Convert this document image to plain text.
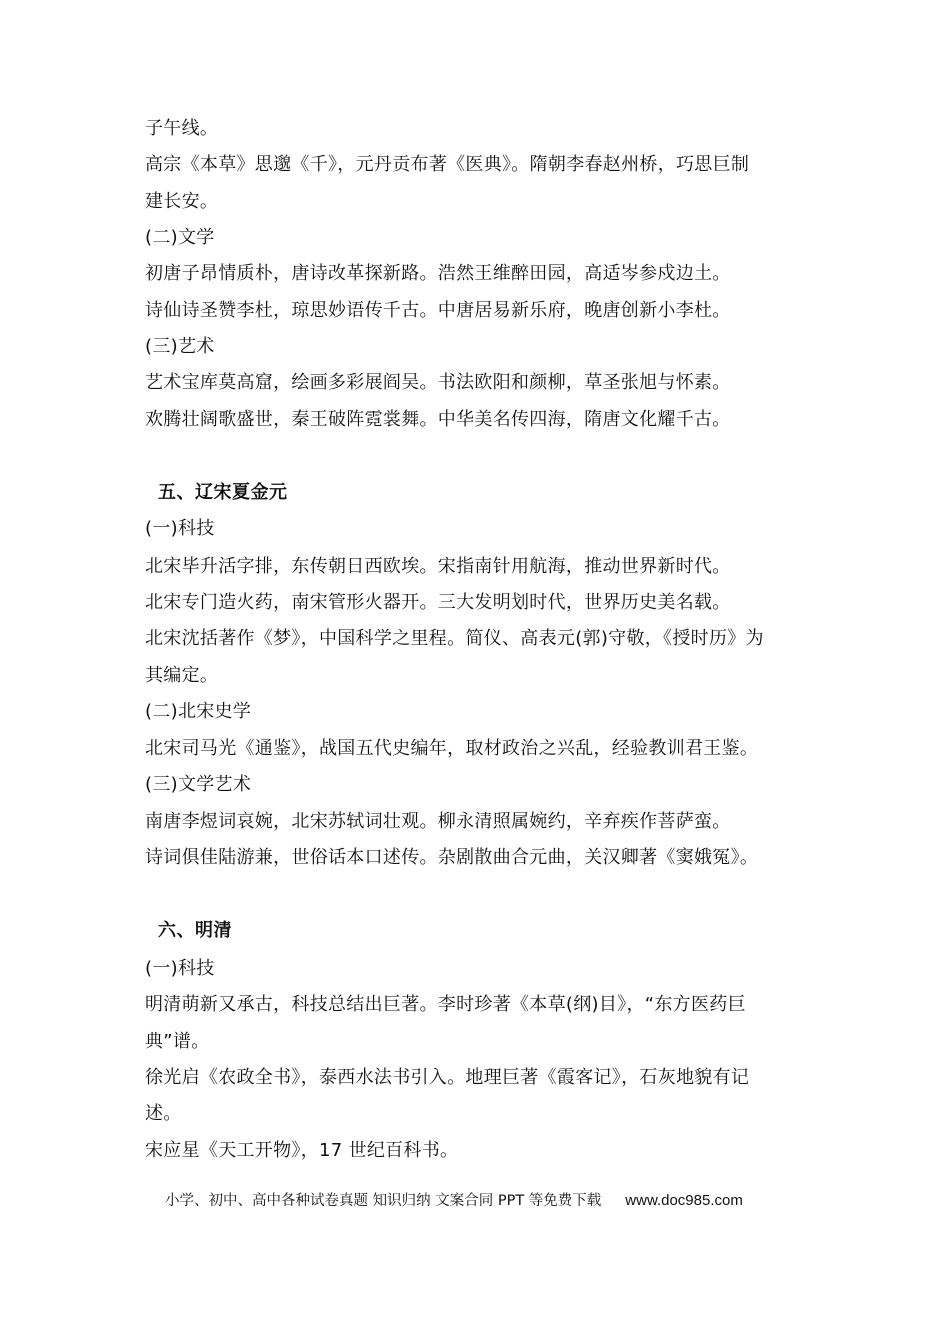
子午线。
高宗《本草》思邈《千》，元丹贡布著《医典》。隋朝李春赵州桥，巧思巨制
建长安。
(二)文学
初唐子昂情质朴，唐诗改革探新路。浩然王维醉田园，高适岑参戍边土。
诗仙诗圣赞李杜，琼思妙语传千古。中唐居易新乐府，晚唐创新小李杜。
(三)艺术
艺术宝库莫高窟，绘画多彩展阎吴。书法欧阳和颜柳，草圣张旭与怀素。
欢腾壮阔歌盛世，秦王破阵霓裳舞。中华美名传四海，隋唐文化耀千古。
五、辽宋夏金元
(一)科技
北宋毕升活字排，东传朝日西欧埃。宋指南针用航海，推动世界新时代。
北宋专门造火药，南宋管形火器开。三大发明划时代，世界历史美名载。
北宋沈括著作《梦》，中国科学之里程。简仪、高表元(郭)守敬，《授时历》为
其编定。
(二)北宋史学
北宋司马光《通鉴》，战国五代史编年，取材政治之兴乱，经验教训君王鉴。
(三)文学艺术
南唐李煜词哀婉，北宋苏轼词壮观。柳永清照属婉约，辛弃疾作菩萨蛮。
诗词俱佳陆游兼，世俗话本口述传。杂剧散曲合元曲，关汉卿著《窦娥冤》。
六、明清
(一)科技
明清萌新又承古，科技总结出巨著。李时珍著《本草(纲)目》，“东方医药巨
典”谱。
徐光启《农政全书》，泰西水法书引入。地理巨著《霞客记》，石灰地貌有记
述。
宋应星《天工开物》，17 世纪百科书。
小学、初中、高中各种试卷真题 知识归纳 文案合同 PPT 等免费下载 www.doc985.com
